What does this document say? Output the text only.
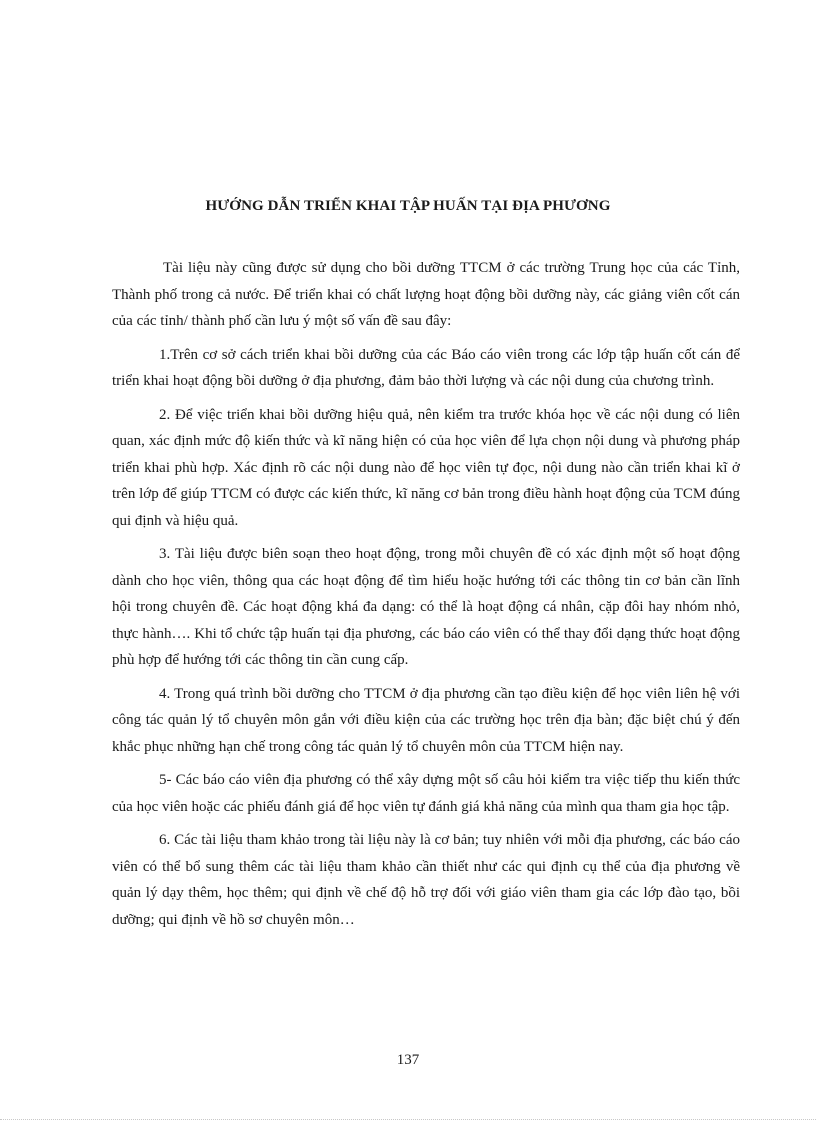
HƯỚNG DẪN TRIỂN KHAI TẬP HUẤN TẠI ĐỊA PHƯƠNG

Tài liệu này cũng được sử dụng cho bồi dưỡng TTCM ở các trường Trung học của các Tỉnh, Thành phố trong cả nước. Để triển khai có chất lượng hoạt động bồi dưỡng này, các giảng viên cốt cán của các tỉnh/ thành phố cần lưu ý một số vấn đề sau đây:

1.Trên cơ sở cách triển khai bồi dưỡng của các Báo cáo viên trong các lớp tập huấn cốt cán để triển khai hoạt động bồi dưỡng ở địa phương, đảm bảo thời lượng và các nội dung của chương trình.

2. Để việc triển khai bồi dưỡng hiệu quả, nên kiểm tra trước khóa học về các nội dung có liên quan, xác định mức độ kiến thức và kĩ năng hiện có của học viên để lựa chọn nội dung và phương pháp triển khai phù hợp. Xác định rõ các nội dung nào để học viên tự đọc, nội dung nào cần triển khai kĩ ở trên lớp để giúp TTCM có được các kiến thức, kĩ năng cơ bản trong điều hành hoạt động của TCM đúng qui định và hiệu quả.

3. Tài liệu được biên soạn theo hoạt động, trong mỗi chuyên đề có xác định một số hoạt động dành cho học viên, thông qua các hoạt động để tìm hiểu hoặc hướng tới các thông tin cơ bản cần lĩnh hội trong chuyên đề. Các hoạt động khá đa dạng: có thể là hoạt động cá nhân, cặp đôi hay nhóm nhỏ, thực hành…. Khi tổ chức tập huấn tại địa phương, các báo cáo viên có thể thay đổi dạng thức hoạt động phù hợp để hướng tới các thông tin cần cung cấp.

4. Trong quá trình bồi dưỡng cho TTCM ở địa phương cần tạo điều kiện để học viên liên hệ với công tác quản lý tổ chuyên môn gắn với điều kiện của các trường học trên địa bàn; đặc biệt chú ý đến khắc phục những hạn chế trong công tác quản lý tổ chuyên môn của TTCM hiện nay.

5- Các báo cáo viên địa phương có thể xây dựng một số câu hỏi kiểm tra việc tiếp thu kiến thức của học viên hoặc các phiếu đánh giá để học viên tự đánh giá khả năng của mình qua tham gia học tập.

6. Các tài liệu tham khảo trong tài liệu này là cơ bản; tuy nhiên với mỗi địa phương, các báo cáo viên có thể bổ sung thêm các tài liệu tham khảo cần thiết như các qui định cụ thể của địa phương về quản lý dạy thêm, học thêm; qui định về chế độ hỗ trợ đối với giáo viên tham gia các lớp đào tạo, bồi dưỡng; qui định về hồ sơ chuyên môn…

137
